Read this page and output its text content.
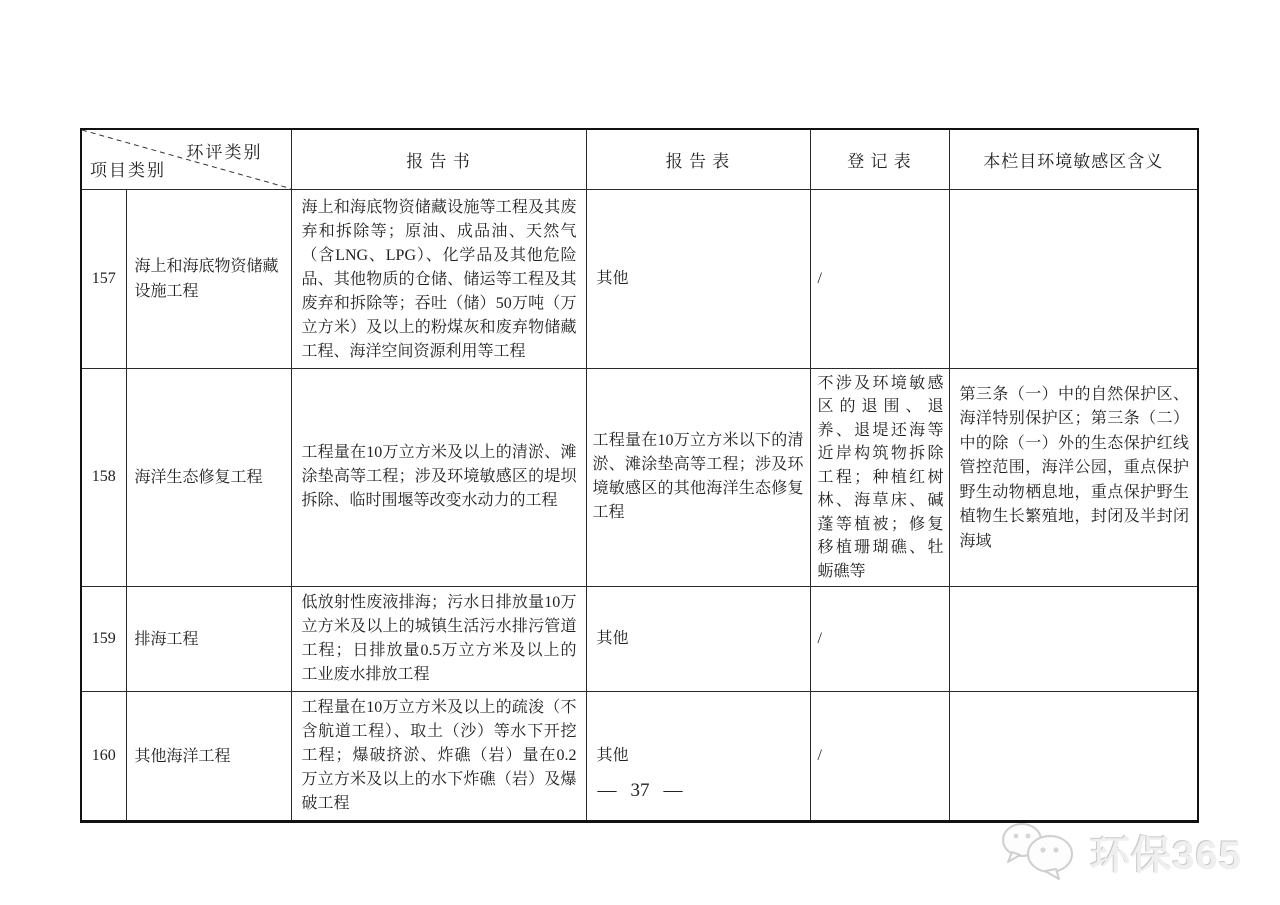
环评类别
项目类别		报 告 书	报 告 表	登 记 表	本栏目环境敏感区含义
157	海上和海底物资储藏设施工程	海上和海底物资储藏设施等工程及其废弃和拆除等；原油、成品油、天然气（含LNG、LPG）、化学品及其他危险品、其他物质的仓储、储运等工程及其废弃和拆除等；吞吐（储）50万吨（万立方米）及以上的粉煤灰和废弃物储藏工程、海洋空间资源利用等工程	其他	/	
158	海洋生态修复工程	工程量在10万立方米及以上的清淤、滩涂垫高等工程；涉及环境敏感区的堤坝拆除、临时围堰等改变水动力的工程	工程量在10万立方米以下的清淤、滩涂垫高等工程；涉及环境敏感区的其他海洋生态修复工程	不涉及环境敏感区的退围、退养、退堤还海等近岸构筑物拆除工程；种植红树林、海草床、碱蓬等植被；修复移植珊瑚礁、牡蛎礁等	第三条（一）中的自然保护区、海洋特别保护区；第三条（二）中的除（一）外的生态保护红线管控范围，海洋公园，重点保护野生动物栖息地，重点保护野生植物生长繁殖地，封闭及半封闭海域
159	排海工程	低放射性废液排海；污水日排放量10万立方米及以上的城镇生活污水排污管道工程；日排放量0.5万立方米及以上的工业废水排放工程	其他	/	
160	其他海洋工程	工程量在10万立方米及以上的疏浚（不含航道工程）、取土（沙）等水下开挖工程；爆破挤淤、炸礁（岩）量在0.2万立方米及以上的水下炸礁（岩）及爆破工程	其他	/	
— 37 —
环保365
